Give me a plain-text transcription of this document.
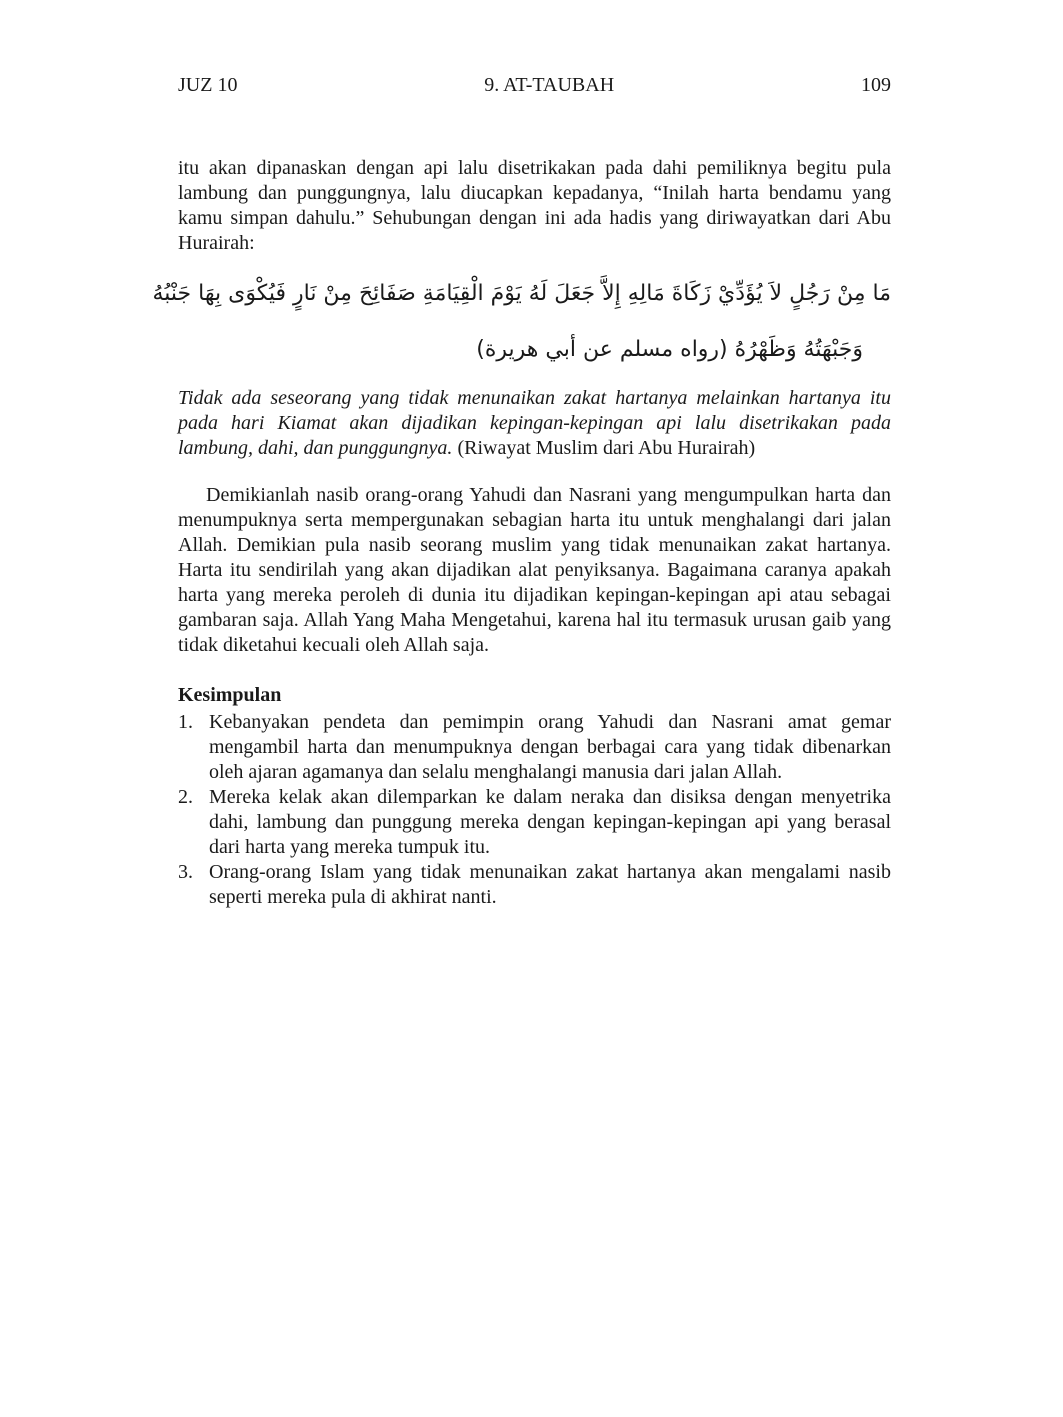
JUZ 10	9. AT-TAUBAH	109
itu akan dipanaskan dengan api lalu disetrikakan pada dahi pemiliknya begitu pula lambung dan punggungnya, lalu diucapkan kepadanya, “Inilah harta bendamu yang kamu simpan dahulu.” Sehubungan dengan ini ada hadis yang diriwayatkan dari Abu Hurairah:
مَا مِنْ رَجُلٍ لاَ يُؤَدِّيْ زَكَاةَ مَالِهِ إِلاَّ جَعَلَ لَهُ يَوْمَ الْقِيَامَةِ صَفَائِحَ مِنْ نَارٍ فَيُكْوَى بِهَا جَنْبُهُ
وَجَبْهَتُهُ وَظَهْرُهُ (رواه مسلم عن أبي هريرة)
Tidak ada seseorang yang tidak menunaikan zakat hartanya melainkan hartanya itu pada hari Kiamat akan dijadikan kepingan-kepingan api lalu disetrikakan pada lambung, dahi, dan punggungnya. (Riwayat Muslim dari Abu Hurairah)
Demikianlah nasib orang-orang Yahudi dan Nasrani yang mengumpulkan harta dan menumpuknya serta mempergunakan sebagian harta itu untuk menghalangi dari jalan Allah. Demikian pula nasib seorang muslim yang tidak menunaikan zakat hartanya. Harta itu sendirilah yang akan dijadikan alat penyiksanya. Bagaimana caranya apakah harta yang mereka peroleh di dunia itu dijadikan kepingan-kepingan api atau sebagai gambaran saja. Allah Yang Maha Mengetahui, karena hal itu termasuk urusan gaib yang tidak diketahui kecuali oleh Allah saja.
Kesimpulan
1. Kebanyakan pendeta dan pemimpin orang Yahudi dan Nasrani amat gemar mengambil harta dan menumpuknya dengan berbagai cara yang tidak dibenarkan oleh ajaran agamanya dan selalu menghalangi manusia dari jalan Allah.
2. Mereka kelak akan dilemparkan ke dalam neraka dan disiksa dengan menyetrika dahi, lambung dan punggung mereka dengan kepingan-kepingan api yang berasal dari harta yang mereka tumpuk itu.
3. Orang-orang Islam yang tidak menunaikan zakat hartanya akan mengalami nasib seperti mereka pula di akhirat nanti.
